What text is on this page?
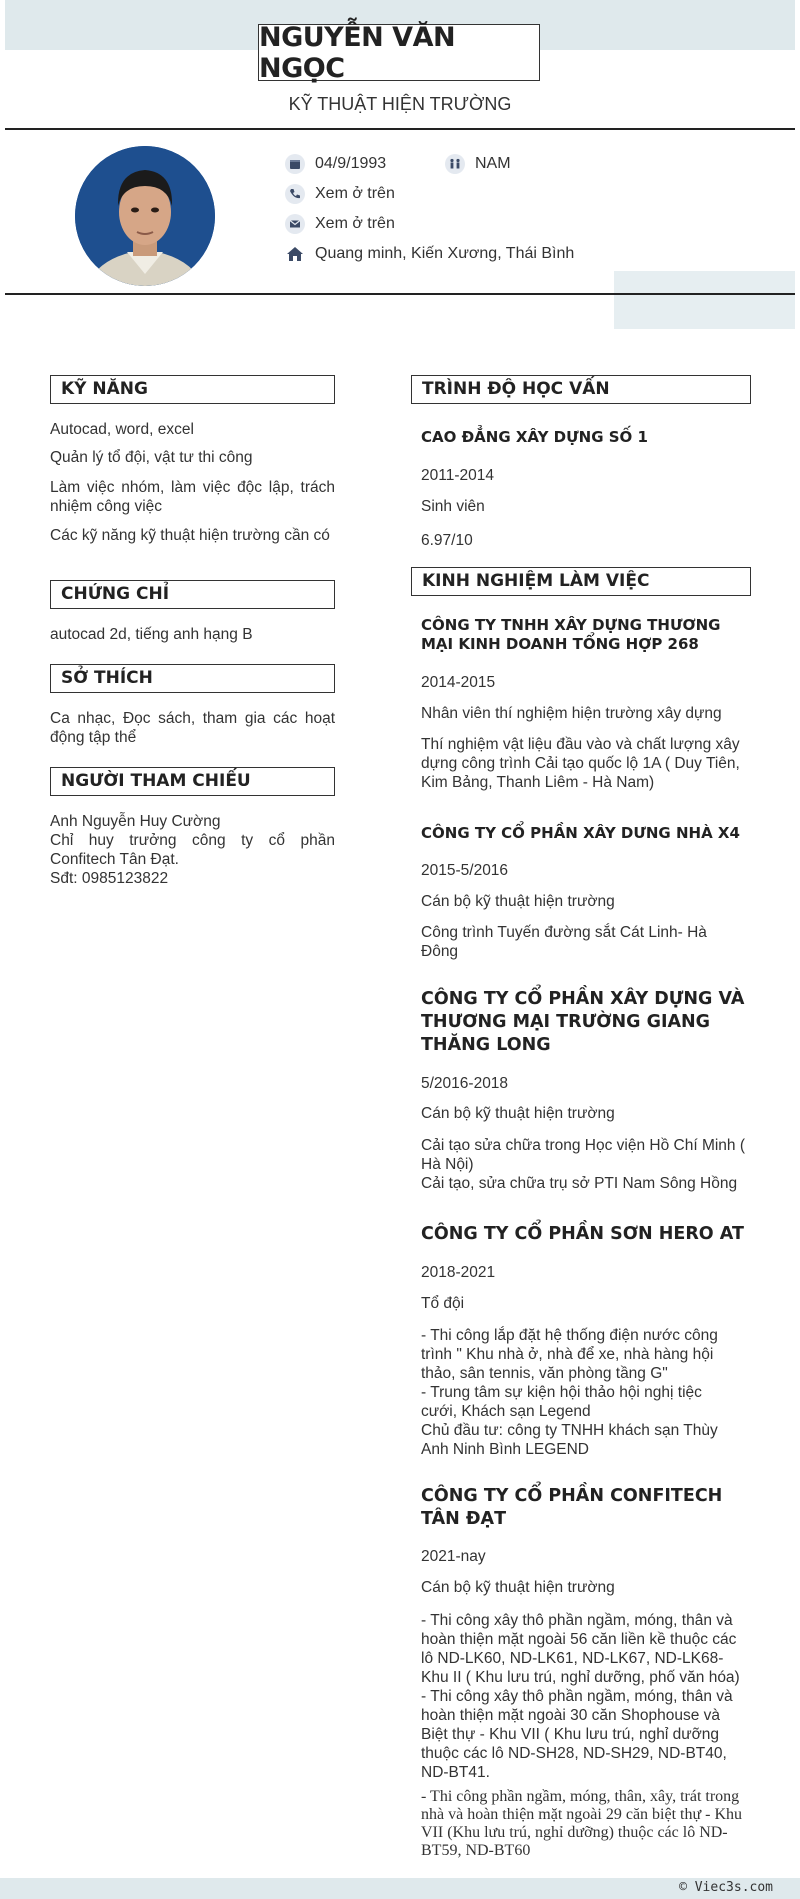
NGUYỄN VĂN NGỌC
KỸ THUẬT HIỆN TRƯỜNG
04/9/1993	NAM
Xem ở trên
Xem ở trên
Quang minh, Kiến Xương, Thái Bình
KỸ NĂNG
Autocad, word, excel
Quản lý tổ đội, vật tư thi công
Làm việc nhóm, làm việc độc lập, trách nhiệm công việc
Các kỹ năng kỹ thuật hiện trường cần có
CHỨNG CHỈ
autocad 2d, tiếng anh hạng B
SỞ THÍCH
Ca nhạc, Đọc sách, tham gia các hoạt động tập thể
NGƯỜI THAM CHIẾU
Anh Nguyễn Huy Cường
Chỉ huy trưởng công ty cổ phần Confitech Tân Đạt.
Sđt: 0985123822
TRÌNH ĐỘ HỌC VẤN
CAO ĐẲNG XÂY DỰNG SỐ 1
2011-2014
Sinh viên
6.97/10
KINH NGHIỆM LÀM VIỆC
CÔNG TY TNHH XÂY DỰNG THƯƠNG MẠI KINH DOANH TỔNG HỢP 268
2014-2015
Nhân viên thí nghiệm hiện trường xây dựng
Thí nghiệm vật liệu đầu vào và chất lượng xây dựng công trình Cải tạo quốc lộ 1A ( Duy Tiên, Kim Bảng, Thanh Liêm - Hà Nam)
CÔNG TY CỔ PHẦN XÂY DƯNG NHÀ X4
2015-5/2016
Cán bộ kỹ thuật hiện trường
Công trình Tuyến đường sắt Cát Linh- Hà Đông
CÔNG TY CỔ PHẦN XÂY DỰNG VÀ THƯƠNG MẠI TRƯỜNG GIANG THĂNG LONG
5/2016-2018
Cán bộ kỹ thuật hiện trường
Cải tạo sửa chữa trong Học viện Hồ Chí Minh ( Hà Nội)
Cải tạo, sửa chữa trụ sở PTI Nam Sông Hồng
CÔNG TY CỔ PHẦN SƠN HERO AT
2018-2021
Tổ đội
- Thi công lắp đặt hệ thống điện nước công trình " Khu nhà ở, nhà để xe, nhà hàng hội thảo, sân tennis, văn phòng tầng G"
- Trung tâm sự kiện hội thảo hội nghị tiệc cưới, Khách sạn Legend
Chủ đầu tư: công ty TNHH khách sạn Thùy Anh Ninh Bình LEGEND
CÔNG TY CỔ PHẦN CONFITECH TÂN ĐẠT
2021-nay
Cán bộ kỹ thuật hiện trường
- Thi công xây thô phần ngầm, móng, thân và hoàn thiện mặt ngoài 56 căn liền kề thuộc các lô ND-LK60, ND-LK61, ND-LK67, ND-LK68- Khu II ( Khu lưu trú, nghỉ dưỡng, phố văn hóa)
- Thi công xây thô phần ngầm, móng, thân và hoàn thiện mặt ngoài 30 căn Shophouse và Biệt thự - Khu VII ( Khu lưu trú, nghỉ dưỡng thuộc các lô ND-SH28, ND-SH29, ND-BT40, ND-BT41.
- Thi công phần ngầm, móng, thân, xây, trát trong nhà và hoàn thiện mặt ngoài 29 căn biệt thự - Khu VII (Khu lưu trú, nghỉ dưỡng) thuộc các lô ND-BT59, ND-BT60
© Viec3s.com
